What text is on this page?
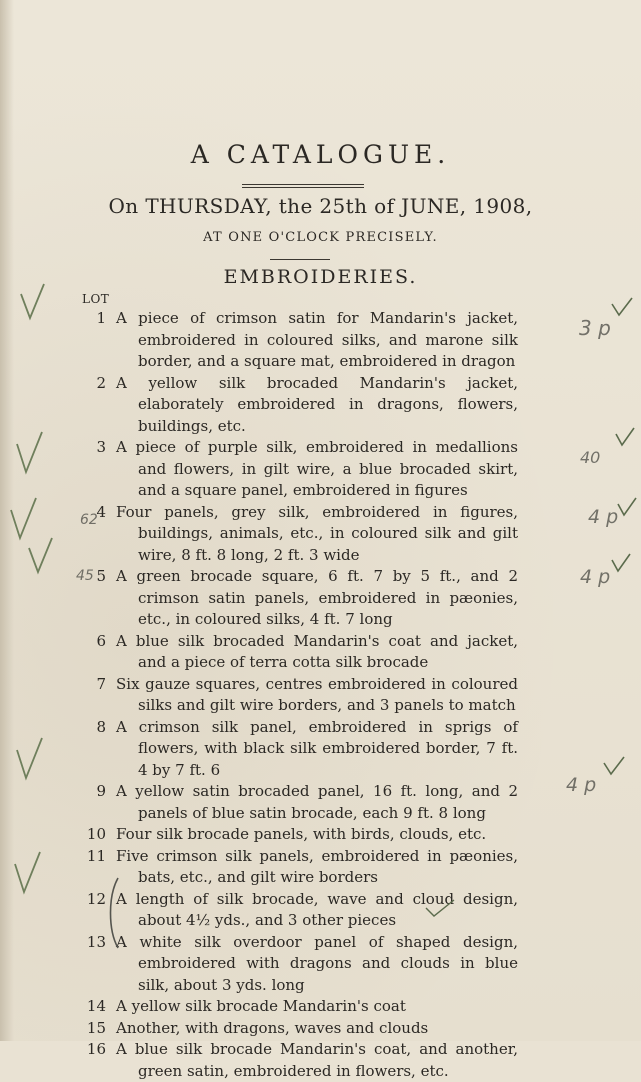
A CATALOGUE.
On THURSDAY, the 25th of JUNE, 1908,
AT ONE O'CLOCK PRECISELY.
EMBROIDERIES.
LOT
1 A piece of crimson satin for Mandarin's jacket, embroidered in coloured silks, and marone silk border, and a square mat, embroidered in dragon
2 A yellow silk brocaded Mandarin's jacket, elaborately embroidered in dragons, flowers, buildings, etc.
3 A piece of purple silk, embroidered in medallions and flowers, in gilt wire, a blue brocaded skirt, and a square panel, embroidered in figures
4 Four panels, grey silk, embroidered in figures, buildings, animals, etc., in coloured silk and gilt wire, 8 ft. 8 long, 2 ft. 3 wide
5 A green brocade square, 6 ft. 7 by 5 ft., and 2 crimson satin panels, embroidered in pæonies, etc., in coloured silks, 4 ft. 7 long
6 A blue silk brocaded Mandarin's coat and jacket, and a piece of terra cotta silk brocade
7 Six gauze squares, centres embroidered in coloured silks and gilt wire borders, and 3 panels to match
8 A crimson silk panel, embroidered in sprigs of flowers, with black silk embroidered border, 7 ft. 4 by 7 ft. 6
9 A yellow satin brocaded panel, 16 ft. long, and 2 panels of blue satin brocade, each 9 ft. 8 long
10 Four silk brocade panels, with birds, clouds, etc.
11 Five crimson silk panels, embroidered in pæonies, bats, etc., and gilt wire borders
12 A length of silk brocade, wave and cloud design, about 4½ yds., and 3 other pieces
13 A white silk overdoor panel of shaped design, embroidered with dragons and clouds in blue silk, about 3 yds. long
14 A yellow silk brocade Mandarin's coat
15 Another, with dragons, waves and clouds
16 A blue silk brocade Mandarin's coat, and another, green satin, embroidered in flowers, etc.
3 p
40
4 p
4 p
4 p
62
45
